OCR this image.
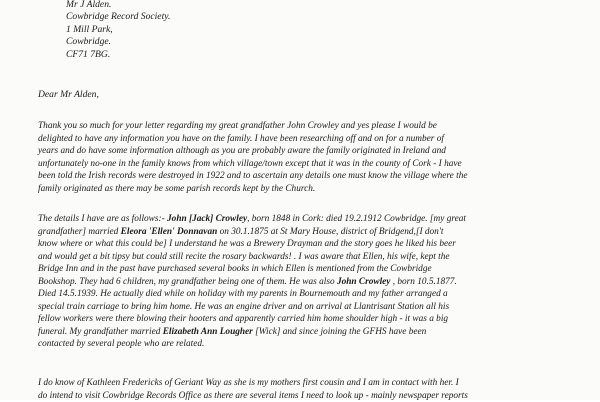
Mr J Alden.
Cowbridge Record Society.
1 Mill Park,
Cowbridge.
CF71 7BG.
Dear Mr Alden,
Thank you so much for your letter regarding my great grandfather John Crowley and yes please I would be
delighted to have any information you have on the family. I have been researching off and on for a number of
years and do have some information although as you are probably aware the family originated in Ireland and
unfortunately no-one in the family knows from which village/town except that it was in the county of Cork - I have
been told the Irish records were destroyed in 1922 and to ascertain any details one must know the village where the
family originated as there may be some parish records kept by the Church.
The details I have are as follows:- John [Jack] Crowley, born 1848 in Cork: died 19.2.1912 Cowbridge. [my great
grandfather] married Eleora 'Ellen' Donnavan on 30.1.1875 at St Mary House, district of Bridgend,[I don't
know where or what this could be] I understand he was a Brewery Drayman and the story goes he liked his beer
and would get a bit tipsy but could still recite the rosary backwards! . I was aware that Ellen, his wife, kept the
Bridge Inn and in the past have purchased several books in which Ellen is mentioned from the Cowbridge
Bookshop. They had 6 children, my grandfather being one of them. He was also John Crowley , born 10.5.1877.
Died 14.5.1939. He actually died while on holiday with my parents in Bournemouth and my father arranged a
special train carriage to bring him home. He was an engine driver and on arrival at Llantrisant Station all his
fellow workers were there blowing their hooters and apparently carried him home shoulder high - it was a big
funeral. My grandfather married Elizabeth Ann Lougher [Wick] and since joining the GFHS have been
contacted by several people who are related.
I do know of Kathleen Fredericks of Geriant Way as she is my mothers first cousin and I am in contact with her. I
do intend to visit Cowbridge Records Office as there are several items I need to look up - mainly newspaper reports
